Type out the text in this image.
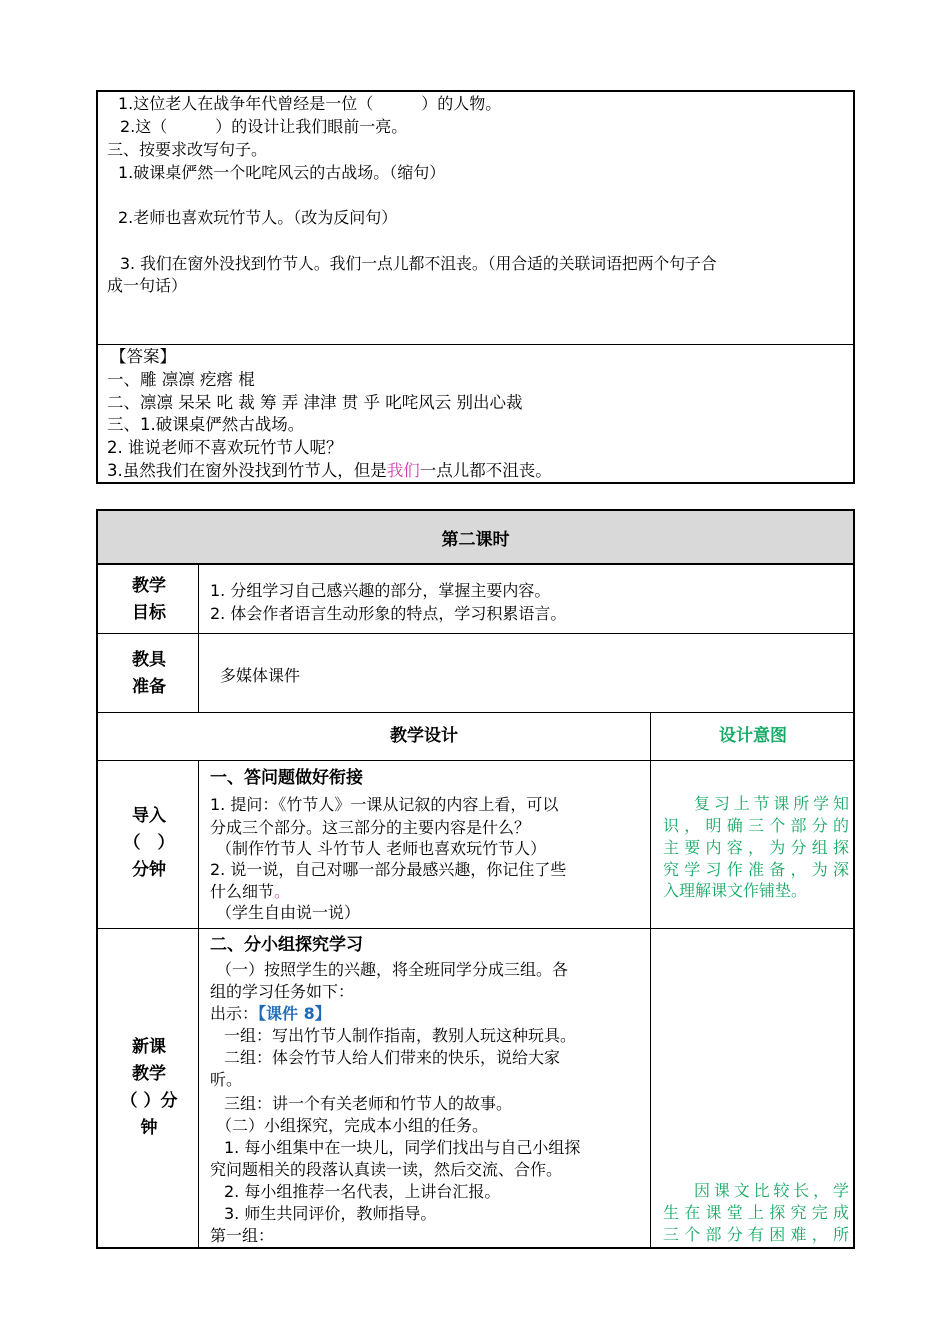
1.这位老人在战争年代曾经是一位（　　　）的人物。
2.这（　　　）的设计让我们眼前一亮。
三、按要求改写句子。
1.破课桌俨然一个叱咤风云的古战场。（缩句）
2.老师也喜欢玩竹节人。（改为反问句）
3. 我们在窗外没找到竹节人。我们一点儿都不沮丧。（用合适的关联词语把两个句子合
成一句话）
【答案】
一、雕 凛凛 疙瘩 棍
二、凛凛 呆呆 叱 裁 筹 弄 津津 贯 乎 叱咤风云 别出心裁
三、1.破课桌俨然古战场。
2. 谁说老师不喜欢玩竹节人呢？
3.虽然我们在窗外没找到竹节人，但是我们一点儿都不沮丧。
第二课时
教学
目标
1. 分组学习自己感兴趣的部分，掌握主要内容。
2. 体会作者语言生动形象的特点，学习积累语言。
教具
准备
多媒体课件
教学设计	设计意图
导入
（　）
分钟
一、答问题做好衔接
1. 提问：《竹节人》一课从记叙的内容上看，可以
分成三个部分。这三部分的主要内容是什么？
（制作竹节人 斗竹节人 老师也喜欢玩竹节人）
2. 说一说，自己对哪一部分最感兴趣，你记住了些
什么细节。
（学生自由说一说）
复习上节课所学知
识，明确三个部分的
主要内容，为分组探
究学习作准备，为深
入理解课文作铺垫。
新课
教学
（ ）分
钟
二、分小组探究学习
（一）按照学生的兴趣，将全班同学分成三组。各
组的学习任务如下：
出示：【课件 8】
一组：写出竹节人制作指南，教别人玩这种玩具。
二组：体会竹节人给人们带来的快乐，说给大家
听。
三组：讲一个有关老师和竹节人的故事。
（二）小组探究，完成本小组的任务。
1. 每小组集中在一块儿，同学们找出与自己小组探
究问题相关的段落认真读一读，然后交流、合作。
2. 每小组推荐一名代表，上讲台汇报。
3. 师生共同评价，教师指导。
第一组：
因课文比较长，学
生在课堂上探究完成
三个部分有困难，所
